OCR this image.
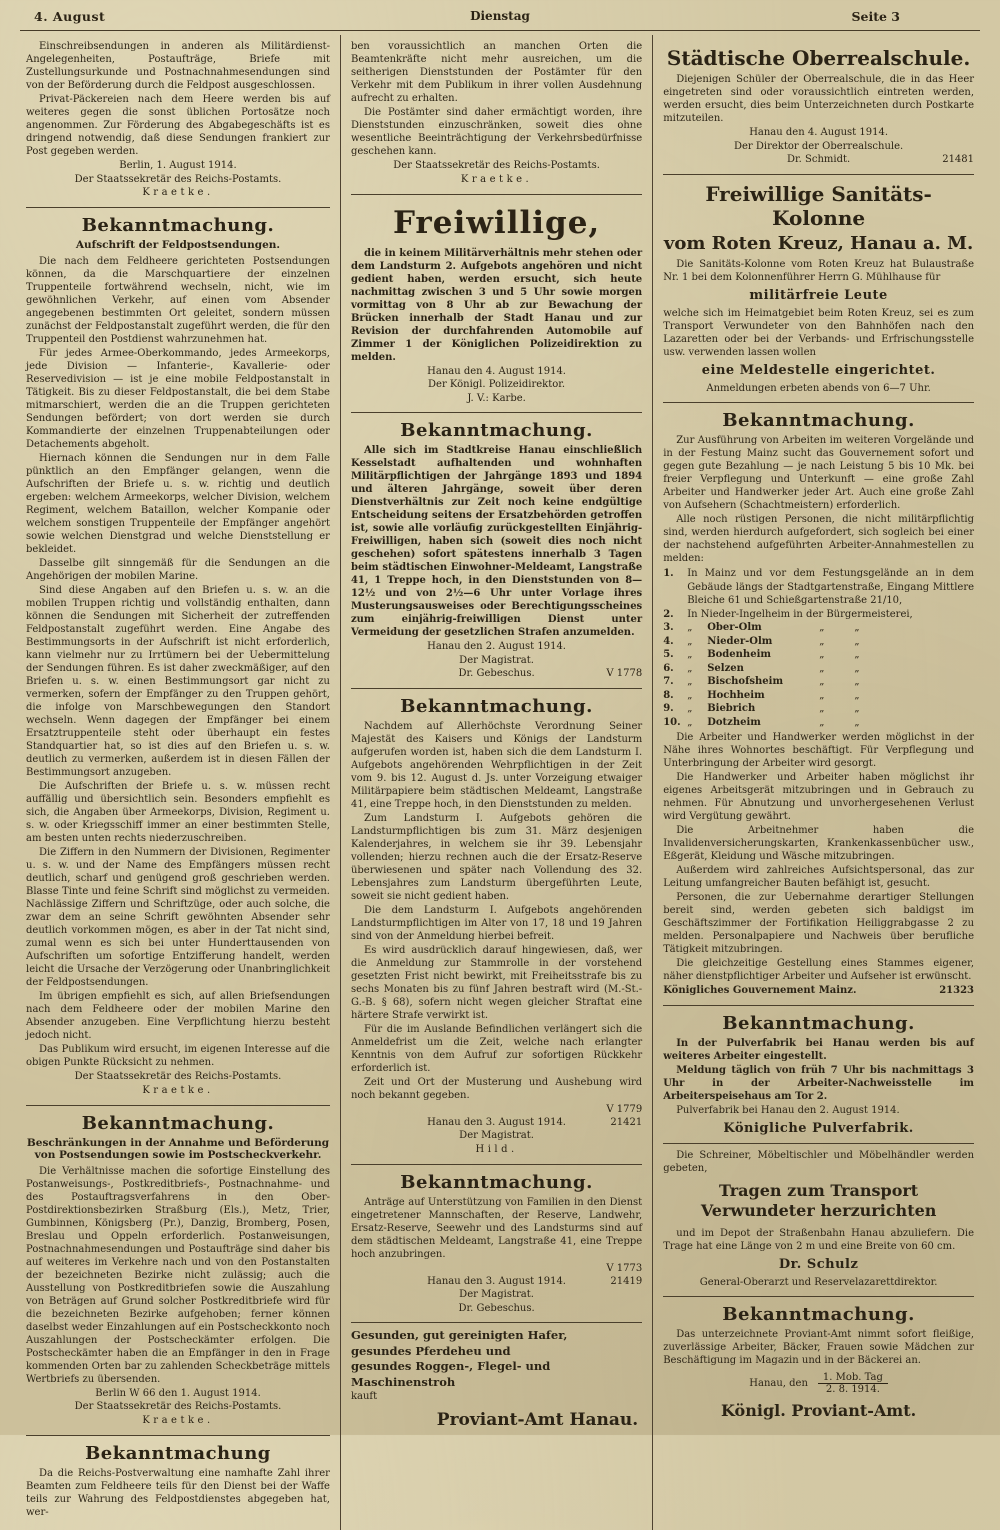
4. August	Dienstag	Seite 3
Einschreibsendungen in anderen als Militärdienst-Angelegenheiten, Postaufträge, Briefe mit Zustellungsurkunde und Postnachnahmesendungen sind von der Beförderung durch die Feldpost ausgeschlossen.
Privat-Päckereien nach dem Heere werden bis auf weiteres gegen die sonst üblichen Portosätze noch angenommen. Zur Förderung des Abgabegeschäfts ist es dringend notwendig, daß diese Sendungen frankiert zur Post gegeben werden.
Berlin, 1. August 1914.
Der Staatssekretär des Reichs-Postamts.
Kraetke.
Bekanntmachung.
Aufschrift der Feldpostsendungen.
Die nach dem Feldheere gerichteten Postsendungen können, da die Marschquartiere der einzelnen Truppenteile fortwährend wechseln, nicht, wie im gewöhnlichen Verkehr, auf einen vom Absender angegebenen bestimmten Ort geleitet, sondern müssen zunächst der Feldpostanstalt zugeführt werden, die für den Truppenteil den Postdienst wahrzunehmen hat.
Für jedes Armee-Oberkommando, jedes Armeekorps, jede Division — Infanterie-, Kavallerie- oder Reservedivision — ist je eine mobile Feldpostanstalt in Tätigkeit. Bis zu dieser Feldpostanstalt, die bei dem Stabe mitmarschiert, werden die an die Truppen gerichteten Sendungen befördert; von dort werden sie durch Kommandierte der einzelnen Truppenabteilungen oder Detachements abgeholt.
Hiernach können die Sendungen nur in dem Falle pünktlich an den Empfänger gelangen, wenn die Aufschriften der Briefe u. s. w. richtig und deutlich ergeben: welchem Armeekorps, welcher Division, welchem Regiment, welchem Bataillon, welcher Kompanie oder welchem sonstigen Truppenteile der Empfänger angehört sowie welchen Dienstgrad und welche Dienststellung er bekleidet.
Dasselbe gilt sinngemäß für die Sendungen an die Angehörigen der mobilen Marine.
Sind diese Angaben auf den Briefen u. s. w. an die mobilen Truppen richtig und vollständig enthalten, dann können die Sendungen mit Sicherheit der zutreffenden Feldpostanstalt zugeführt werden. Eine Angabe des Bestimmungsorts in der Aufschrift ist nicht erforderlich, kann vielmehr nur zu Irrtümern bei der Uebermittelung der Sendungen führen. Es ist daher zweckmäßiger, auf den Briefen u. s. w. einen Bestimmungsort gar nicht zu vermerken, sofern der Empfänger zu den Truppen gehört, die infolge von Marschbewegungen den Standort wechseln. Wenn dagegen der Empfänger bei einem Ersatztruppenteile steht oder überhaupt ein festes Standquartier hat, so ist dies auf den Briefen u. s. w. deutlich zu vermerken, außerdem ist in diesen Fällen der Bestimmungsort anzugeben.
Die Aufschriften der Briefe u. s. w. müssen recht auffällig und übersichtlich sein. Besonders empfiehlt es sich, die Angaben über Armeekorps, Division, Regiment u. s. w. oder Kriegsschiff immer an einer bestimmten Stelle, am besten unten rechts niederzuschreiben.
Die Ziffern in den Nummern der Divisionen, Regimenter u. s. w. und der Name des Empfängers müssen recht deutlich, scharf und genügend groß geschrieben werden. Blasse Tinte und feine Schrift sind möglichst zu vermeiden. Nachlässige Ziffern und Schriftzüge, oder auch solche, die zwar dem an seine Schrift gewöhnten Absender sehr deutlich vorkommen mögen, es aber in der Tat nicht sind, zumal wenn es sich bei unter Hunderttausenden von Aufschriften um sofortige Entzifferung handelt, werden leicht die Ursache der Verzögerung oder Unanbringlichkeit der Feldpostsendungen.
Im übrigen empfiehlt es sich, auf allen Briefsendungen nach dem Feldheere oder der mobilen Marine den Absender anzugeben. Eine Verpflichtung hierzu besteht jedoch nicht.
Das Publikum wird ersucht, im eigenen Interesse auf die obigen Punkte Rücksicht zu nehmen.
Der Staatssekretär des Reichs-Postamts.
Kraetke.
Bekanntmachung.
Beschränkungen in der Annahme und Beförderung von Postsendungen sowie im Postscheckverkehr.
Die Verhältnisse machen die sofortige Einstellung des Postanweisungs-, Postkreditbriefs-, Postnachnahme- und des Postauftragsverfahrens in den Ober-Postdirektionsbezirken Straßburg (Els.), Metz, Trier, Gumbinnen, Königsberg (Pr.), Danzig, Bromberg, Posen, Breslau und Oppeln erforderlich. Postanweisungen, Postnachnahmesendungen und Postaufträge sind daher bis auf weiteres im Verkehre nach und von den Postanstalten der bezeichneten Bezirke nicht zulässig; auch die Ausstellung von Postkreditbriefen sowie die Auszahlung von Beträgen auf Grund solcher Postkreditbriefe wird für die bezeichneten Bezirke aufgehoben; ferner können daselbst weder Einzahlungen auf ein Postscheckkonto noch Auszahlungen der Postscheckämter erfolgen. Die Postscheckämter haben die an Empfänger in den in Frage kommenden Orten bar zu zahlenden Scheckbeträge mittels Wertbriefs zu übersenden.
Berlin W 66 den 1. August 1914.
Der Staatssekretär des Reichs-Postamts.
Kraetke.
Bekanntmachung
Da die Reichs-Postverwaltung eine namhafte Zahl ihrer Beamten zum Feldheere teils für den Dienst bei der Waffe teils zur Wahrung des Feldpostdienstes abgegeben hat, wer-
ben voraussichtlich an manchen Orten die Beamtenkräfte nicht mehr ausreichen, um die seitherigen Dienststunden der Postämter für den Verkehr mit dem Publikum in ihrer vollen Ausdehnung aufrecht zu erhalten.
Die Postämter sind daher ermächtigt worden, ihre Dienststunden einzuschränken, soweit dies ohne wesentliche Beeinträchtigung der Verkehrsbedürfnisse geschehen kann.
Der Staatssekretär des Reichs-Postamts.
Kraetke.
Freiwillige,
die in keinem Militärverhältnis mehr stehen oder dem Landsturm 2. Aufgebots angehören und nicht gedient haben, werden ersucht, sich heute nachmittag zwischen 3 und 5 Uhr sowie morgen vormittag von 8 Uhr ab zur Bewachung der Brücken innerhalb der Stadt Hanau und zur Revision der durchfahrenden Automobile auf Zimmer 1 der Königlichen Polizeidirektion zu melden.
Hanau den 4. August 1914.
Der Königl. Polizeidirektor.
J. V.: Karbe.
Bekanntmachung.
Alle sich im Stadtkreise Hanau einschließlich Kesselstadt aufhaltenden und wohnhaften Militärpflichtigen der Jahrgänge 1893 und 1894 und älteren Jahrgänge, soweit über deren Dienstverhältnis zur Zeit noch keine endgültige Entscheidung seitens der Ersatzbehörden getroffen ist, sowie alle vorläufig zurückgestellten Einjährig-Freiwilligen, haben sich (soweit dies noch nicht geschehen) sofort spätestens innerhalb 3 Tagen beim städtischen Einwohner-Meldeamt, Langstraße 41, 1 Treppe hoch, in den Dienststunden von 8—12½ und von 2½—6 Uhr unter Vorlage ihres Musterungsausweises oder Berechtigungsscheines zum einjährig-freiwilligen Dienst unter Vermeidung der gesetzlichen Strafen anzumelden.
Hanau den 2. August 1914.
Der Magistrat.
Dr. Gebeschus.	V 1778
Bekanntmachung.
Nachdem auf Allerhöchste Verordnung Seiner Majestät des Kaisers und Königs der Landsturm aufgerufen worden ist, haben sich die dem Landsturm I. Aufgebots angehörenden Wehrpflichtigen in der Zeit vom 9. bis 12. August d. Js. unter Vorzeigung etwaiger Militärpapiere beim städtischen Meldeamt, Langstraße 41, eine Treppe hoch, in den Dienststunden zu melden.
Zum Landsturm I. Aufgebots gehören die Landsturmpflichtigen bis zum 31. März desjenigen Kalenderjahres, in welchem sie ihr 39. Lebensjahr vollenden; hierzu rechnen auch die der Ersatz-Reserve überwiesenen und später nach Vollendung des 32. Lebensjahres zum Landsturm übergeführten Leute, soweit sie nicht gedient haben.
Die dem Landsturm I. Aufgebots angehörenden Landsturmpflichtigen im Alter von 17, 18 und 19 Jahren sind von der Anmeldung hierbei befreit.
Es wird ausdrücklich darauf hingewiesen, daß, wer die Anmeldung zur Stammrolle in der vorstehend gesetzten Frist nicht bewirkt, mit Freiheitsstrafe bis zu sechs Monaten bis zu fünf Jahren bestraft wird (M.-St.-G.-B. § 68), sofern nicht wegen gleicher Straftat eine härtere Strafe verwirkt ist.
Für die im Auslande Befindlichen verlängert sich die Anmeldefrist um die Zeit, welche nach erlangter Kenntnis von dem Aufruf zur sofortigen Rückkehr erforderlich ist.
Zeit und Ort der Musterung und Aushebung wird noch bekannt gegeben.
V 1779
Hanau den 3. August 1914.	21421
Der Magistrat.
Hild.
Bekanntmachung.
Anträge auf Unterstützung von Familien in den Dienst eingetretener Mannschaften, der Reserve, Landwehr, Ersatz-Reserve, Seewehr und des Landsturms sind auf dem städtischen Meldeamt, Langstraße 41, eine Treppe hoch anzubringen.
V 1773
Hanau den 3. August 1914.	21419
Der Magistrat.
Dr. Gebeschus.
Gesunden, gut gereinigten Hafer,
gesundes Pferdeheu und
gesundes Roggen-, Flegel- und Maschinenstroh
kauft
Proviant-Amt Hanau.
Städtische Oberrealschule.
Diejenigen Schüler der Oberrealschule, die in das Heer eingetreten sind oder voraussichtlich eintreten werden, werden ersucht, dies beim Unterzeichneten durch Postkarte mitzuteilen.
Hanau den 4. August 1914.
Der Direktor der Oberrealschule.
Dr. Schmidt.	21481
Freiwillige Sanitäts-Kolonne
vom Roten Kreuz, Hanau a. M.
Die Sanitäts-Kolonne vom Roten Kreuz hat Bulaustraße Nr. 1 bei dem Kolonnenführer Herrn G. Mühlhause für
militärfreie Leute
welche sich im Heimatgebiet beim Roten Kreuz, sei es zum Transport Verwundeter von den Bahnhöfen nach den Lazaretten oder bei der Verbands- und Erfrischungsstelle usw. verwenden lassen wollen
eine Meldestelle eingerichtet.
Anmeldungen erbeten abends von 6—7 Uhr.
Bekanntmachung.
Zur Ausführung von Arbeiten im weiteren Vorgelände und in der Festung Mainz sucht das Gouvernement sofort und gegen gute Bezahlung — je nach Leistung 5 bis 10 Mk. bei freier Verpflegung und Unterkunft — eine große Zahl Arbeiter und Handwerker jeder Art. Auch eine große Zahl von Aufsehern (Schachtmeistern) erforderlich.
Alle noch rüstigen Personen, die nicht militärpflichtig sind, werden hierdurch aufgefordert, sich sogleich bei einer der nachstehend aufgeführten Arbeiter-Annahmestellen zu melden:
1.	In Mainz und vor dem Festungsgelände an in dem Gebäude längs der Stadtgartenstraße, Eingang Mittlere Bleiche 61 und Schießgartenstraße 21/10,
2.	In Nieder-Ingelheim in der Bürgermeisterei,
3.	„	Ober-Olm	„   „
4.	„	Nieder-Olm	„   „
5.	„	Bodenheim	„   „
6.	„	Selzen	„   „
7.	„	Bischofsheim	„   „
8.	„	Hochheim	„   „
9.	„	Biebrich	„   „
10. „	Dotzheim	„   „
Die Arbeiter und Handwerker werden möglichst in der Nähe ihres Wohnortes beschäftigt. Für Verpflegung und Unterbringung der Arbeiter wird gesorgt.
Die Handwerker und Arbeiter haben möglichst ihr eigenes Arbeitsgerät mitzubringen und in Gebrauch zu nehmen. Für Abnutzung und unvorhergesehenen Verlust wird Vergütung gewährt.
Die Arbeitnehmer haben die Invalidenversicherungskarten, Krankenkassenbücher usw., Eßgerät, Kleidung und Wäsche mitzubringen.
Außerdem wird zahlreiches Aufsichtspersonal, das zur Leitung umfangreicher Bauten befähigt ist, gesucht.
Personen, die zur Uebernahme derartiger Stellungen bereit sind, werden gebeten sich baldigst im Geschäftszimmer der Fortifikation Heiliggrabgasse 2 zu melden. Personalpapiere und Nachweis über berufliche Tätigkeit mitzubringen.
Die gleichzeitige Gestellung eines Stammes eigener, näher dienstpflichtiger Arbeiter und Aufseher ist erwünscht.
Königliches Gouvernement Mainz.	21323
Bekanntmachung.
In der Pulverfabrik bei Hanau werden bis auf weiteres Arbeiter eingestellt.
Meldung täglich von früh 7 Uhr bis nachmittags 3 Uhr in der Arbeiter-Nachweisstelle im Arbeiterspeisehaus am Tor 2.
Pulverfabrik bei Hanau den 2. August 1914.
Königliche Pulverfabrik.
Die Schreiner, Möbeltischler und Möbelhändler werden gebeten,
Tragen zum Transport Verwundeter herzurichten
und im Depot der Straßenbahn Hanau abzuliefern. Die Trage hat eine Länge von 2 m und eine Breite von 60 cm.
Dr. Schulz
General-Oberarzt und Reservelazarettdirektor.
Bekanntmachung.
Das unterzeichnete Proviant-Amt nimmt sofort fleißige, zuverlässige Arbeiter, Bäcker, Frauen sowie Mädchen zur Beschäftigung im Magazin und in der Bäckerei an.
Hanau, den
1. Mob. Tag
2. 8. 1914.
Königl. Proviant-Amt.
